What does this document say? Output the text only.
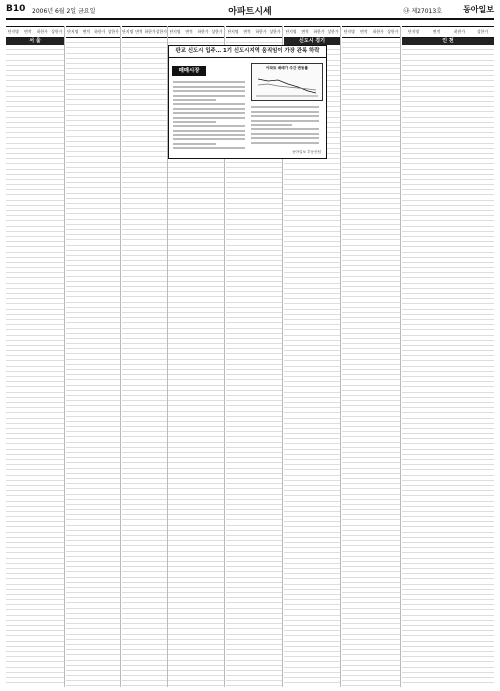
B10 2006년 6월 2일 금요일	아파트시세	㉯ 제27013호	동아일보
단지명	면적	하한가 상한가
서 울

단지명	면적	하한가 상한가

			단지명 면적 하한가 상한가

			단지명	면적	하한가 상한가

				단지명	면적	하한가 상한가

				단지명	면적	하한가 상한가
신도시 경기

단지명	면적	하한가 상한가

				단지명	면적	하한가	상한가
인 천

판교 신도시 입주… 1기 신도시지역 움직임이 가장 관록 하락
매매시장	아파트 매매가 주간 변동률
동아일보 부동산팀
